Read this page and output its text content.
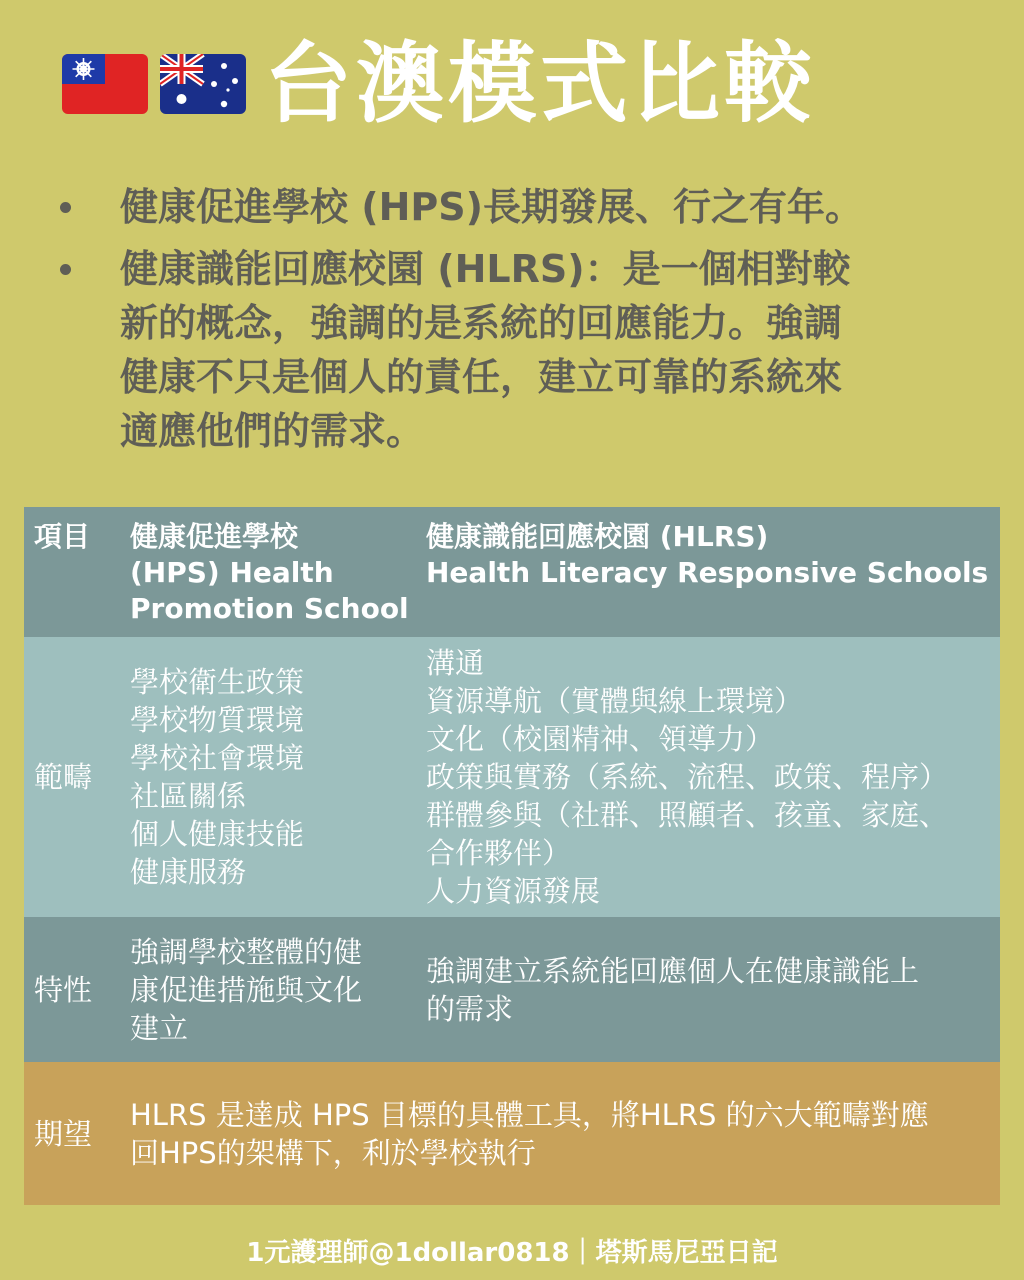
台澳模式比較
健康促進學校 (HPS)長期發展、行之有年。
健康識能回應校園 (HLRS)：是一個相對較
新的概念，強調的是系統的回應能力。強調
健康不只是個人的責任，建立可靠的系統來
適應他們的需求。
項目	健康促進學校
(HPS) Health
Promotion School
健康識能回應校園 (HLRS)
Health Literacy Responsive Schools
範疇
學校衛生政策
學校物質環境
學校社會環境
社區關係
個人健康技能
健康服務
溝通
資源導航（實體與線上環境）
文化（校園精神、領導力）
政策與實務（系統、流程、政策、程序）
群體參與（社群、照顧者、孩童、家庭、
合作夥伴）
人力資源發展
特性
強調學校整體的健
康促進措施與文化
建立
強調建立系統能回應個人在健康識能上
的需求
期望
HLRS 是達成 HPS 目標的具體工具，將HLRS 的六大範疇對應
回HPS的架構下，利於學校執行
1元護理師@1dollar0818｜塔斯馬尼亞日記
